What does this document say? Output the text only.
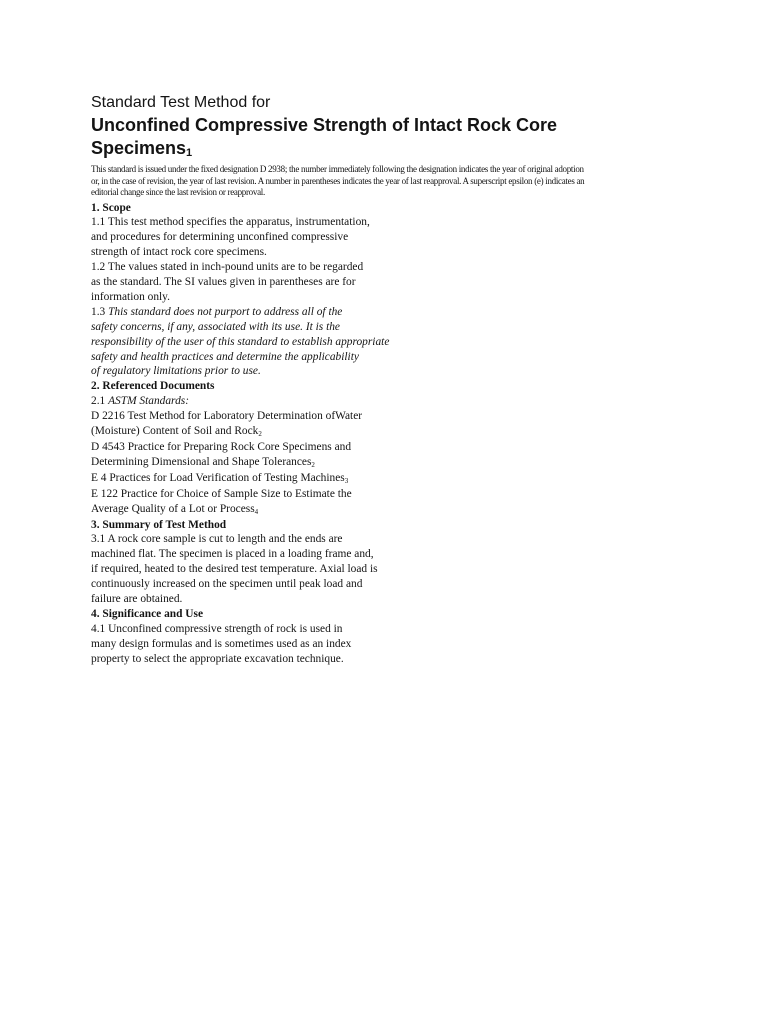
Standard Test Method for
Unconfined Compressive Strength of Intact Rock Core Specimens$_1$
This standard is issued under the fixed designation D 2938; the number immediately following the designation indicates the year of original adoption or, in the case of revision, the year of last revision. A number in parentheses indicates the year of last reapproval. A superscript epsilon (e) indicates an editorial change since the last revision or reapproval.
1. Scope
1.1 This test method specifies the apparatus, instrumentation,
and procedures for determining unconfined compressive
strength of intact rock core specimens.
1.2 The values stated in inch-pound units are to be regarded
as the standard. The SI values given in parentheses are for
information only.
1.3 This standard does not purport to address all of the
safety concerns, if any, associated with its use. It is the
responsibility of the user of this standard to establish appropriate
safety and health practices and determine the applicability
of regulatory limitations prior to use.
2. Referenced Documents
2.1 ASTM Standards:
D 2216 Test Method for Laboratory Determination ofWater
(Moisture) Content of Soil and Rock2
D 4543 Practice for Preparing Rock Core Specimens and
Determining Dimensional and Shape Tolerances2
E 4 Practices for Load Verification of Testing Machines3
E 122 Practice for Choice of Sample Size to Estimate the
Average Quality of a Lot or Process4
3. Summary of Test Method
3.1 A rock core sample is cut to length and the ends are
machined flat. The specimen is placed in a loading frame and,
if required, heated to the desired test temperature. Axial load is
continuously increased on the specimen until peak load and
failure are obtained.
4. Significance and Use
4.1 Unconfined compressive strength of rock is used in
many design formulas and is sometimes used as an index
property to select the appropriate excavation technique.
